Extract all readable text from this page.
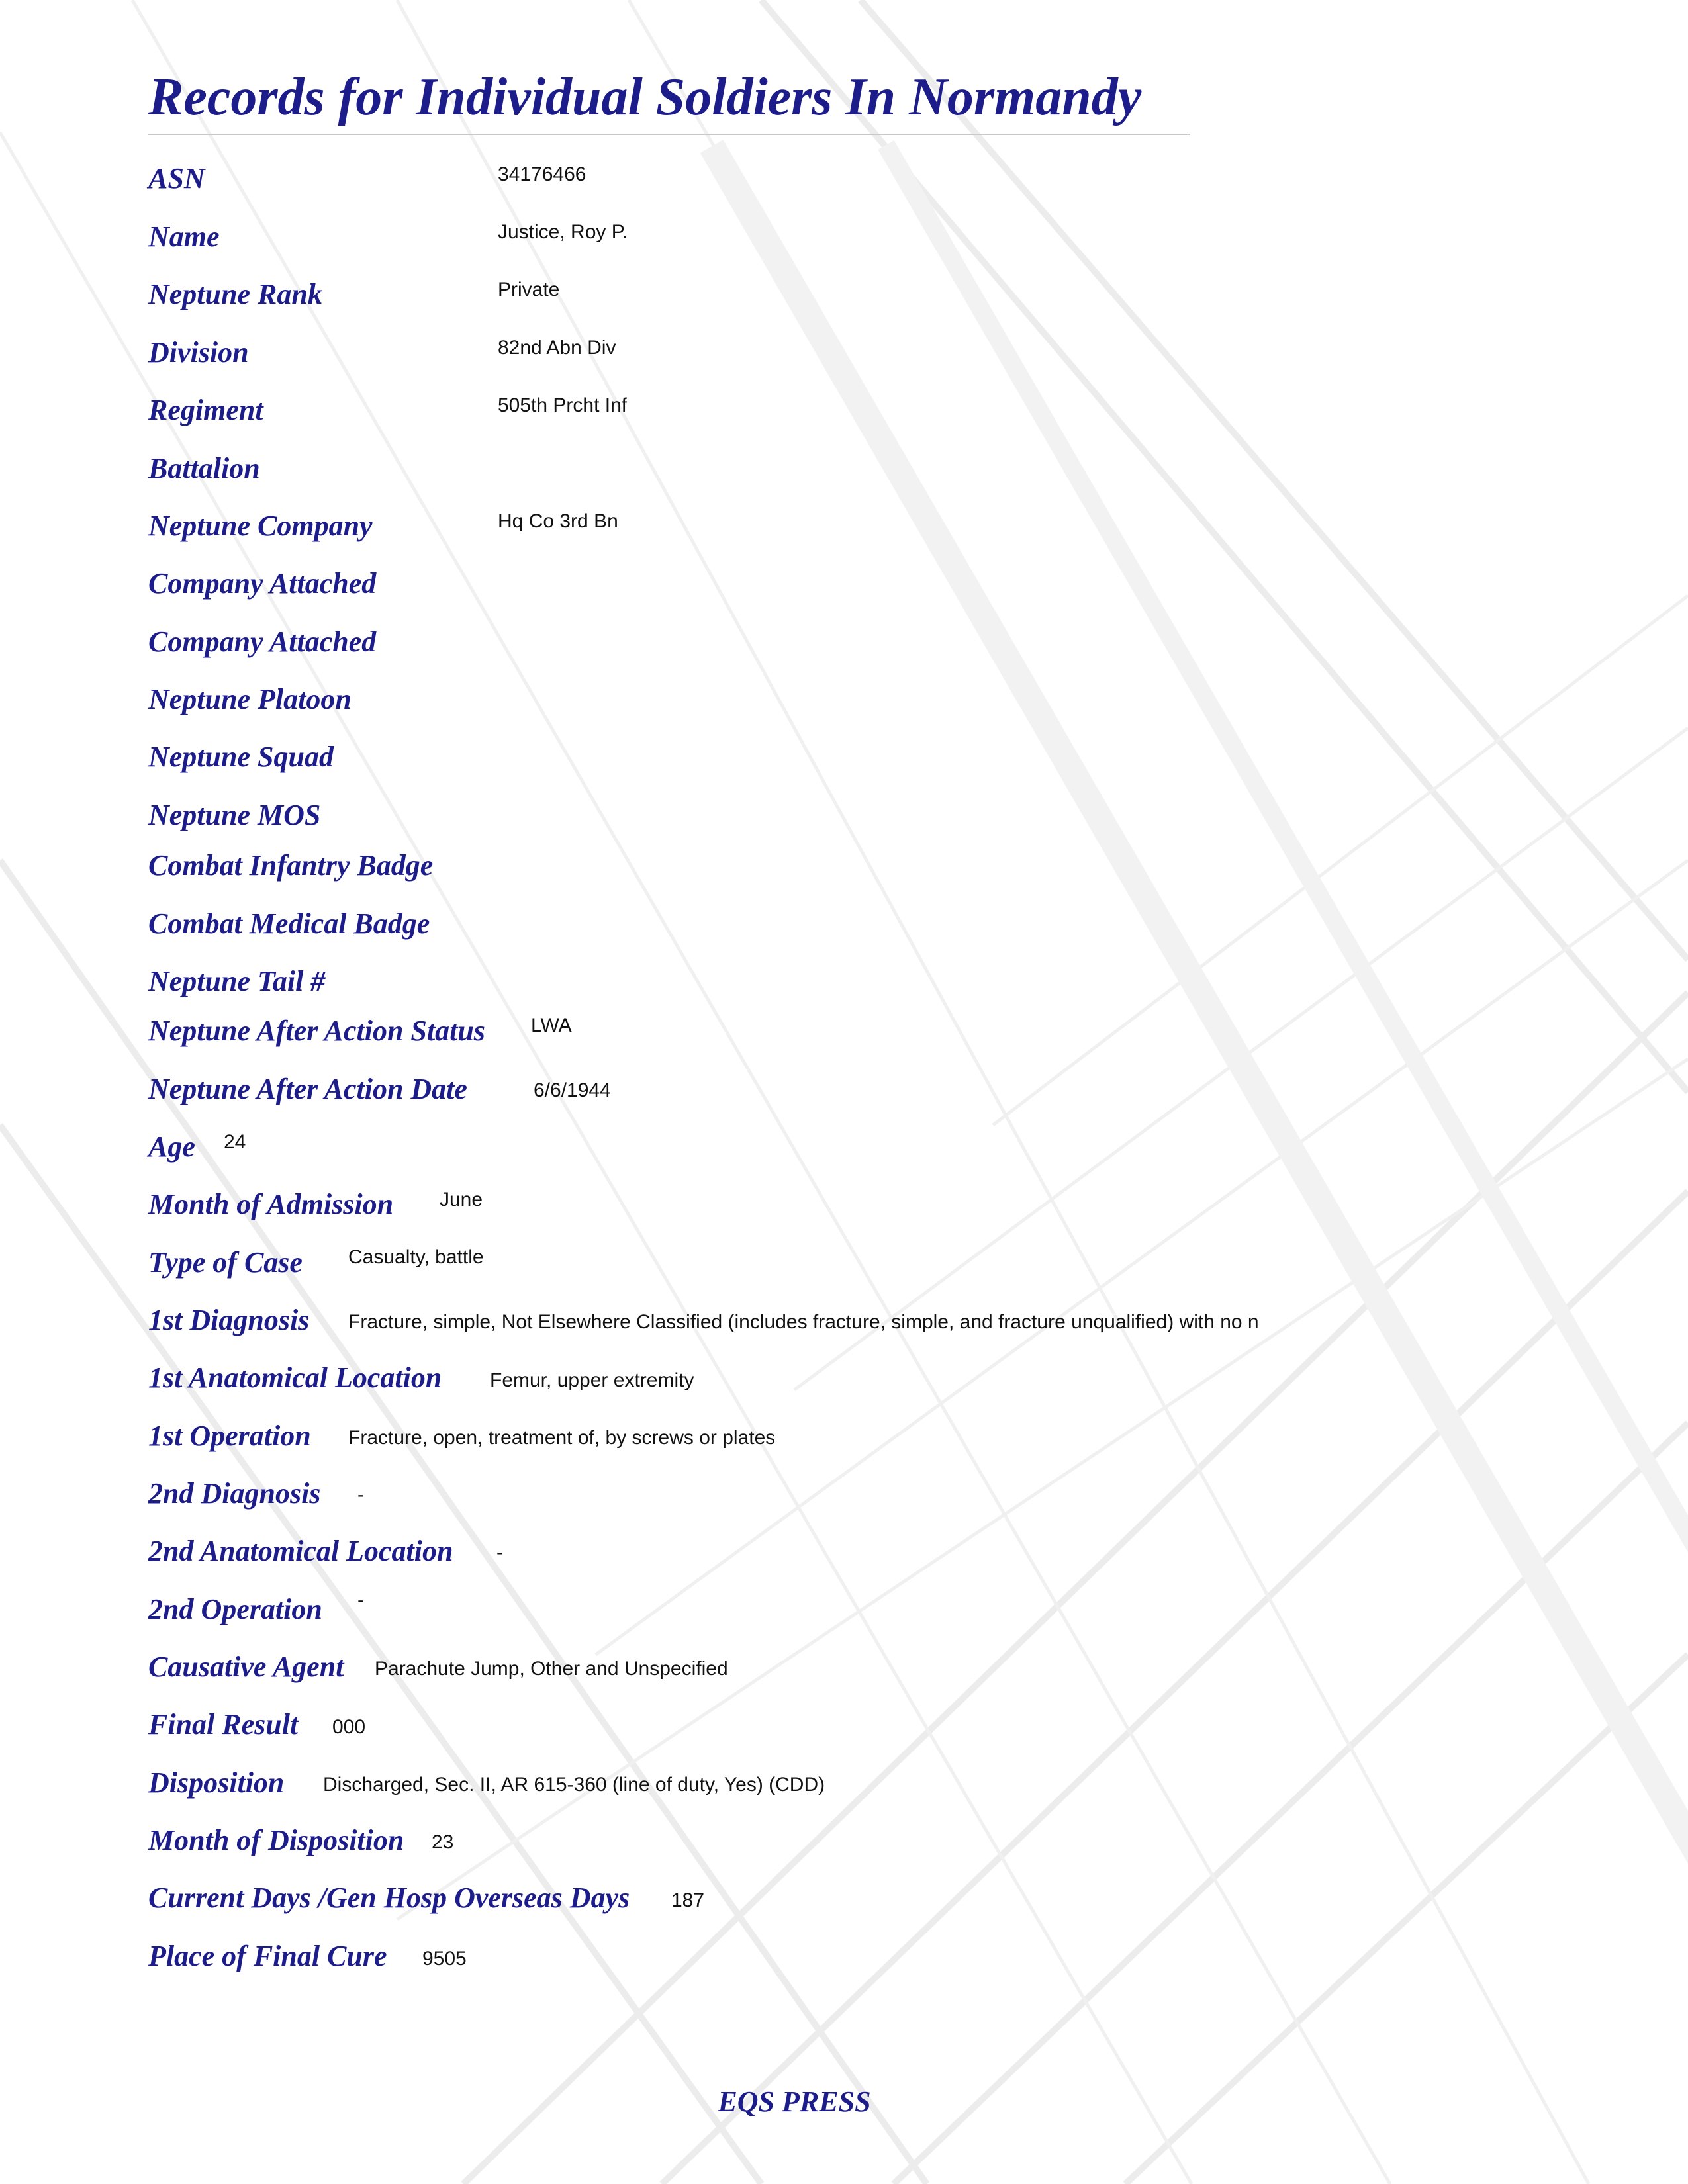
Records for Individual Soldiers In Normandy
ASN	34176466
Name	Justice, Roy P.
Neptune Rank	Private
Division	82nd Abn Div
Regiment	505th Prcht Inf
Battalion
Neptune Company	Hq Co 3rd Bn
Company Attached
Company Attached
Neptune Platoon
Neptune Squad
Neptune MOS
Combat Infantry Badge
Combat Medical Badge
Neptune Tail #
Neptune After Action Status LWA
Neptune After Action Date	6/6/1944
Age 24
Month of Admission June
Type of Case Casualty, battle
1st Diagnosis Fracture, simple, Not Elsewhere Classified (includes fracture, simple, and fracture unqualified) with no n
1st Anatomical Location Femur, upper extremity
1st Operation Fracture, open, treatment of, by screws or plates
2nd Diagnosis -
2nd Anatomical Location -
2nd Operation -
Causative Agent Parachute Jump, Other and Unspecified
Final Result 000
Disposition Discharged, Sec. II, AR 615-360 (line of duty, Yes) (CDD)
Month of Disposition 23
Current Days /Gen Hosp Overseas Days 187
Place of Final Cure 9505
EQS PRESS
